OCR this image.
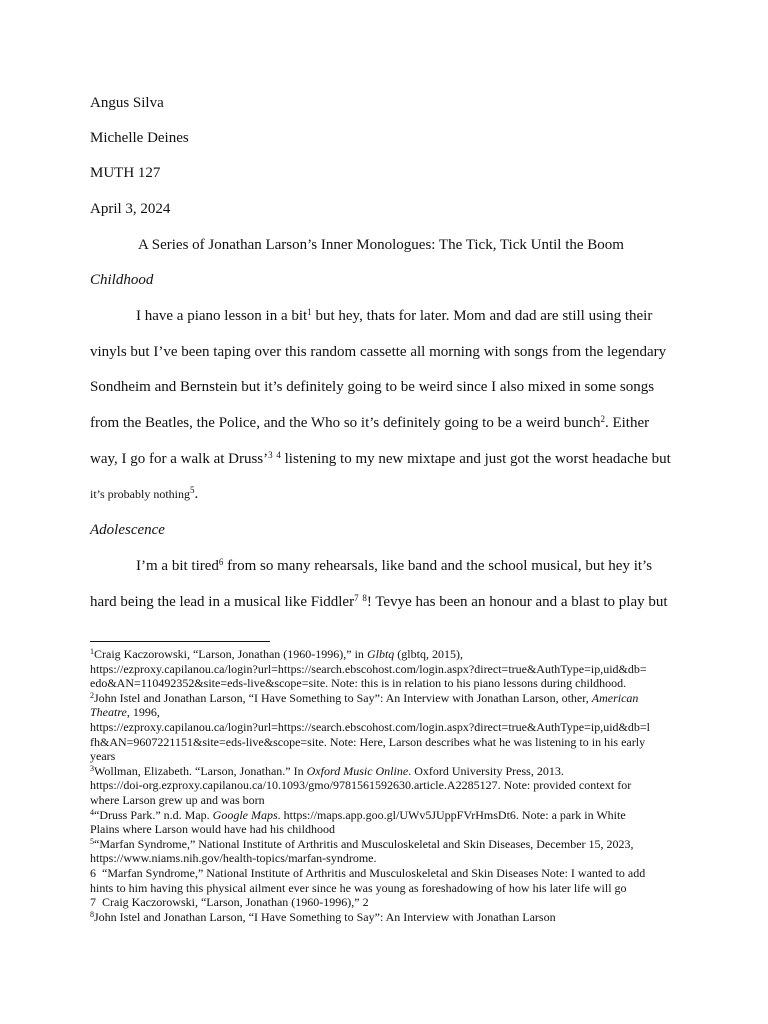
Angus Silva
Michelle Deines
MUTH 127
April 3, 2024
A Series of Jonathan Larson’s Inner Monologues: The Tick, Tick Until the Boom
Childhood
I have a piano lesson in a bit$^1$ but hey, thats for later. Mom and dad are still using their
vinyls but I’ve been taping over this random cassette all morning with songs from the legendary
Sondheim and Bernstein but it’s definitely going to be weird since I also mixed in some songs
from the Beatles, the Police, and the Who so it’s definitely going to be a weird bunch$^2$. Either
way, I go for a walk at Druss’$^3$ $^4$ listening to my new mixtape and just got the worst headache but
it’s probably nothing$^5$.
Adolescence
I’m a bit tired$^6$ from so many rehearsals, like band and the school musical, but hey it’s
hard being the lead in a musical like Fiddler$^7$ $^8$! Tevye has been an honour and a blast to play but

$^1$Craig Kaczorowski, “Larson, Jonathan (1960-1996),” in Glbtq (glbtq, 2015),

https://ezproxy.capilanou.ca/login?url=https://search.ebscohost.com/login.aspx?direct=true&AuthType=ip,uid&db=

edo&AN=110492352&site=eds-live&scope=site. Note: this is in relation to his piano lessons during childhood.

$^2$John Istel and Jonathan Larson, “I Have Something to Say”: An Interview with Jonathan Larson, other, American

Theatre, 1996,

https://ezproxy.capilanou.ca/login?url=https://search.ebscohost.com/login.aspx?direct=true&AuthType=ip,uid&db=l

fh&AN=9607221151&site=eds-live&scope=site. Note: Here, Larson describes what he was listening to in his early

years

$^3$Wollman, Elizabeth. “Larson, Jonathan.” In Oxford Music Online. Oxford University Press, 2013.

https://doi-org.ezproxy.capilanou.ca/10.1093/gmo/9781561592630.article.A2285127. Note: provided context for

where Larson grew up and was born

$^4$“Druss Park.” n.d. Map. Google Maps. https://maps.app.goo.gl/UWv5JUppFVrHmsDt6. Note: a park in White

Plains where Larson would have had his childhood

$^5$“Marfan Syndrome,” National Institute of Arthritis and Musculoskeletal and Skin Diseases, December 15, 2023,

https://www.niams.nih.gov/health-topics/marfan-syndrome.

6 “Marfan Syndrome,” National Institute of Arthritis and Musculoskeletal and Skin Diseases Note: I wanted to add

hints to him having this physical ailment ever since he was young as foreshadowing of how his later life will go

7 Craig Kaczorowski, “Larson, Jonathan (1960-1996),” 2

$^8$John Istel and Jonathan Larson, “I Have Something to Say”: An Interview with Jonathan Larson
